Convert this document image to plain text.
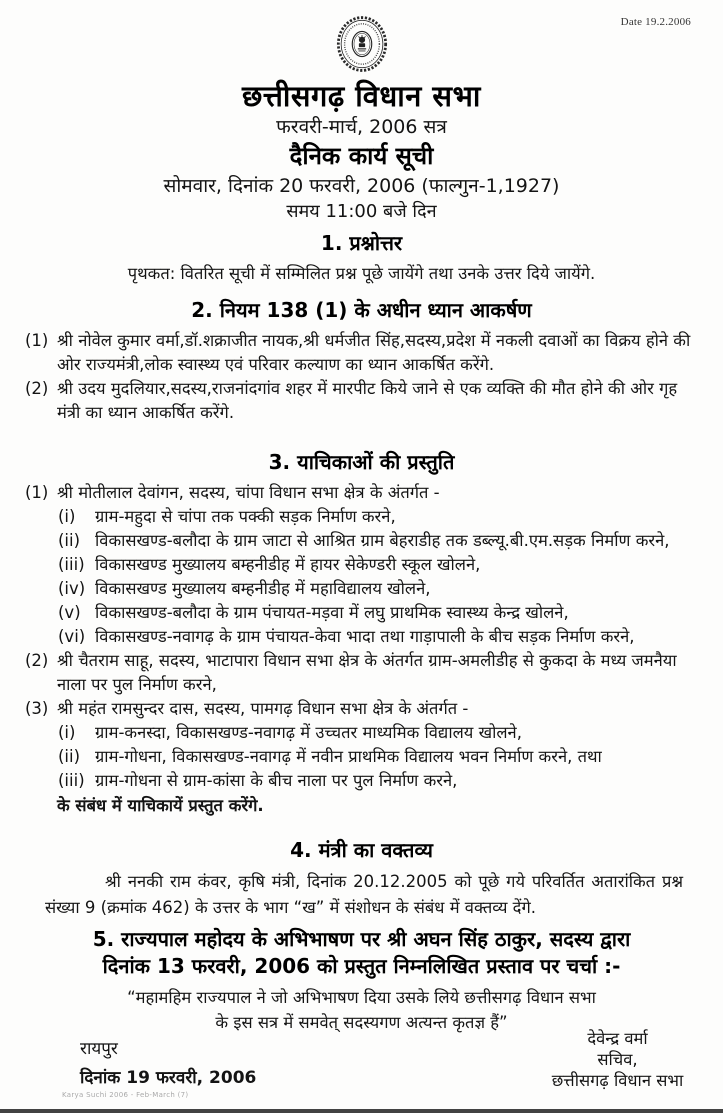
Date 19.2.2006
छत्तीसगढ़ विधान सभा
फरवरी-मार्च, 2006 सत्र
दैनिक कार्य सूची
सोमवार, दिनांक 20 फरवरी, 2006 (फाल्गुन-1,1927)
समय 11:00 बजे दिन
1. प्रश्नोत्तर

पृथकत: वितरित सूची में सम्मिलित प्रश्न पूछे जायेंगे तथा उनके उत्तर दिये जायेंगे.

2. नियम 138 (1) के अधीन ध्यान आकर्षण
(1) श्री नोवेल कुमार वर्मा,डॉ.शक्राजीत नायक,श्री धर्मजीत सिंह,सदस्य,प्रदेश में नकली दवाओं का विक्रय होने की ओर राज्यमंत्री,लोक स्वास्थ्य एवं परिवार कल्याण का ध्यान आकर्षित करेंगे.
(2) श्री उदय मुदलियार,सदस्य,राजनांदगांव शहर में मारपीट किये जाने से एक व्यक्ति की मौत होने की ओर गृह मंत्री का ध्यान आकर्षित करेंगे.
3. याचिकाओं की प्रस्तुति
(1) श्री मोतीलाल देवांगन, सदस्य, चांपा विधान सभा क्षेत्र के अंतर्गत -
(i)	ग्राम-महुदा से चांपा तक पक्की सड़क निर्माण करने,
(ii) विकासखण्ड-बलौदा के ग्राम जाटा से आश्रित ग्राम बेहराडीह तक डब्ल्यू.बी.एम.सड़क निर्माण करने,
(iii) विकासखण्ड मुख्यालय बम्हनीडीह में हायर सेकेण्डरी स्कूल खोलने,
(iv) विकासखण्ड मुख्यालय बम्हनीडीह में महाविद्यालय खोलने,
(v) विकासखण्ड-बलौदा के ग्राम पंचायत-मड़वा में लघु प्राथमिक स्वास्थ्य केन्द्र खोलने,
(vi) विकासखण्ड-नवागढ़ के ग्राम पंचायत-केवा भादा तथा गाड़ापाली के बीच सड़क निर्माण करने,
(2) श्री चैतराम साहू, सदस्य, भाटापारा विधान सभा क्षेत्र के अंतर्गत ग्राम-अमलीडीह से कुकदा के मध्य जमनैया नाला पर पुल निर्माण करने,
(3) श्री महंत रामसुन्दर दास, सदस्य, पामगढ़ विधान सभा क्षेत्र के अंतर्गत -
(i)	ग्राम-कनस्दा, विकासखण्ड-नवागढ़ में उच्चतर माध्यमिक विद्यालय खोलने,
(ii) ग्राम-गोधना, विकासखण्ड-नवागढ़ में नवीन प्राथमिक विद्यालय भवन निर्माण करने, तथा
(iii) ग्राम-गोधना से ग्राम-कांसा के बीच नाला पर पुल निर्माण करने,
के संबंध में याचिकायें प्रस्तुत करेंगे.
4. मंत्री का वक्तव्य

श्री ननकी राम कंवर, कृषि मंत्री, दिनांक 20.12.2005 को पूछे गये परिवर्तित अतारांकित प्रश्न संख्या 9 (क्रमांक 462) के उत्तर के भाग “ख” में संशोधन के संबंध में वक्तव्य देंगे.

5. राज्यपाल महोदय के अभिभाषण पर श्री अघन सिंह ठाकुर, सदस्य द्वारा
दिनांक 13 फरवरी, 2006 को प्रस्तुत निम्नलिखित प्रस्ताव पर चर्चा :-
“महामहिम राज्यपाल ने जो अभिभाषण दिया उसके लिये छत्तीसगढ़ विधान सभा
के इस सत्र में समवेत् सदस्यगण अत्यन्त कृतज्ञ हैं”
रायपुर
दिनांक 19 फरवरी, 2006
देवेन्द्र वर्मा
सचिव,
छत्तीसगढ़ विधान सभा
Karya Suchi 2006 - Feb-March (7)
